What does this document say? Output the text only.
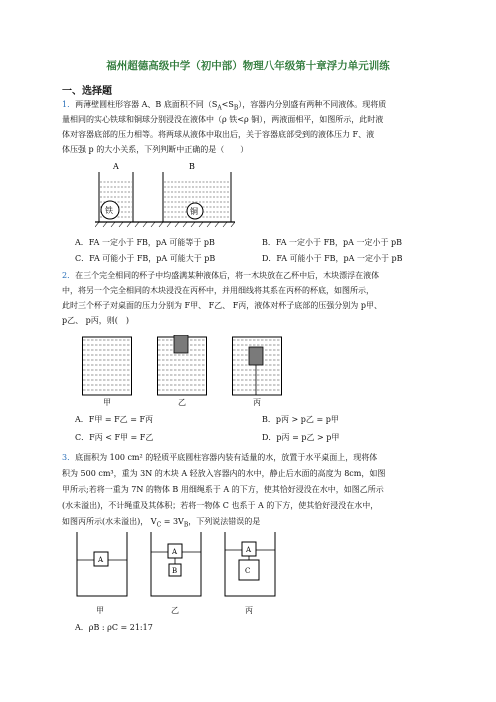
福州超德高级中学（初中部）物理八年级第十章浮力单元训练
一、选择题
1．两薄壁圆柱形容器 A、B 底面积不同$(S_A<S_B)$，容器内分别盛有两种不同液体。现将质
量相同的实心铁球和铜球分别浸没在液体中（ρ 铁<ρ 铜），两液面相平，如图所示，此时液
体对容器底部的压力相等。将两球从液体中取出后，关于容器底部受到的液体压力 F、液
体压强 p 的大小关系，下列判断中正确的是（　　）
A	B
铁	铜
A．FA 一定小于 FB，pA 可能等于 pB	B．FA 一定小于 FB，pA 一定小于 pB
C．FA 可能小于 FB，pA 可能大于 pB	D．FA 可能小于 FB，pA 一定小于 pB
2．在三个完全相同的杯子中均盛满某种液体后，将一木块放在乙杯中后，木块漂浮在液体
中，将另一个完全相同的木块浸没在丙杯中，并用细线将其系在丙杯的杯底，如图所示，
此时三个杯子对桌面的压力分别为 F甲、 F乙、 F丙，液体对杯子底部的压强分别为 p甲、
p乙、 p丙，则(　)
甲	乙	丙
A．F甲 = F乙 = F丙	B．p丙 > p乙 = p甲
C．F丙 < F甲 = F乙	D．p丙 = p乙 > p甲
3．底面积为 100 cm² 的轻质平底圆柱容器内装有适量的水，放置于水平桌面上，现将体
积为 500 cm³，重为 3N 的木块 A 轻放入容器内的水中，静止后水面的高度为 8cm，如图
甲所示;若将一重为 7N 的物体 B 用细绳系于 A 的下方，使其恰好浸没在水中，如图乙所示
(水未溢出)，不计绳重及其体积；若将一物体 C 也系于 A 的下方，使其恰好浸没在水中，
如图丙所示(水未溢出)， $V_C = 3V_B$，下列说法错误的是
A
A
B
A
C
甲	乙	丙
A．ρB : ρC = 21:17
